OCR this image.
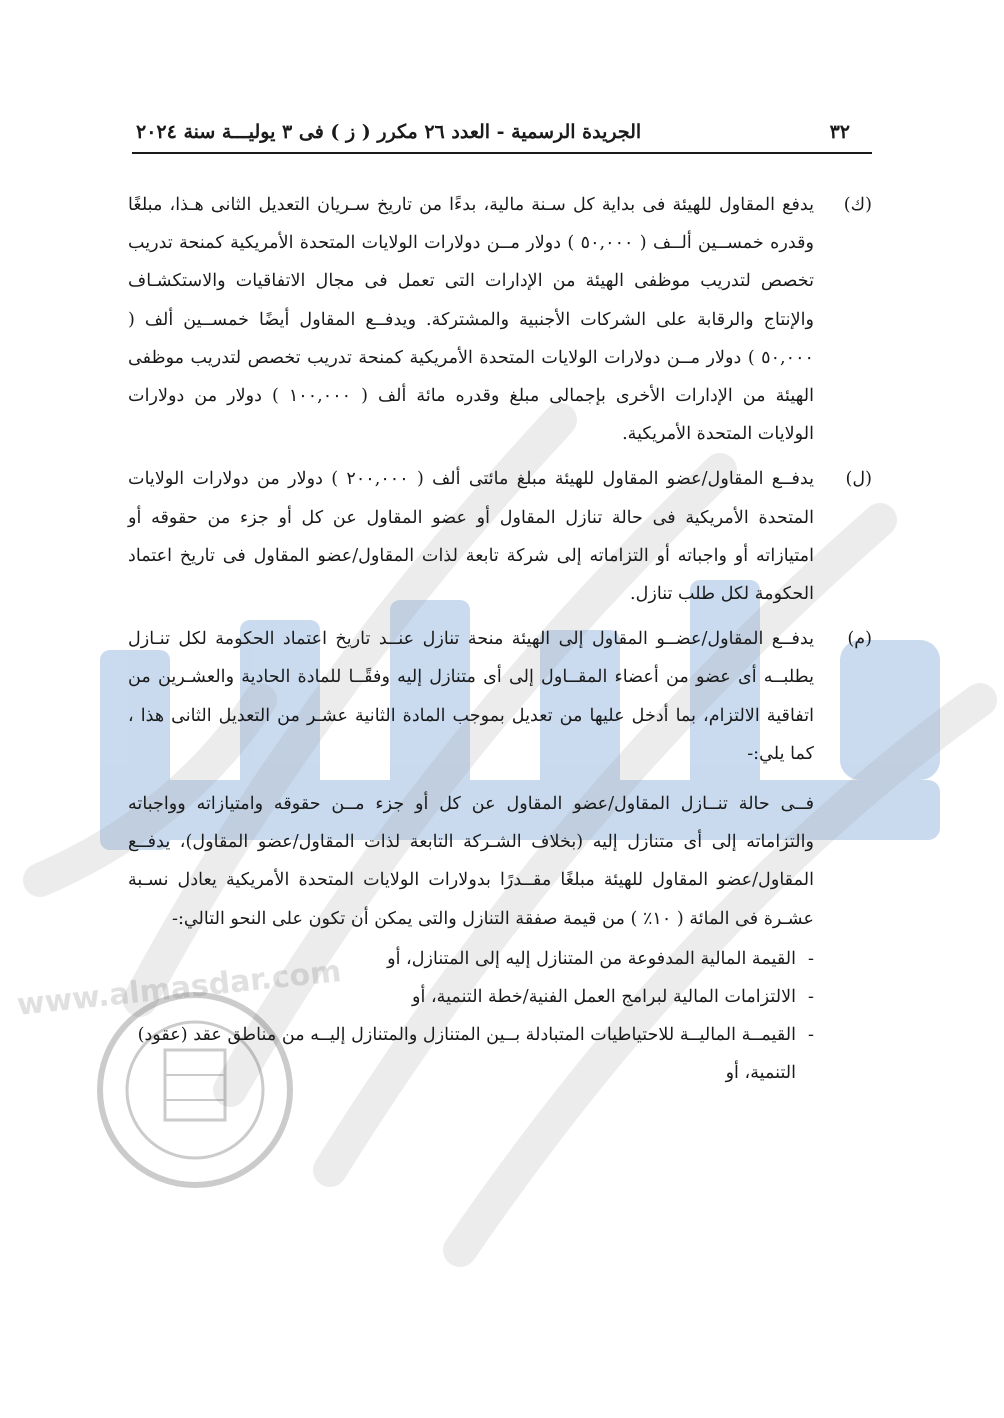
www.almasdar.com
٣٢
الجريدة الرسمية - العدد ٢٦ مكرر ( ز ) فى ٣ يوليـــة سنة ٢٠٢٤

(ك)
يدفع المقاول للهيئة فى بداية كل سـنة مالية، بدءًا من تاريخ سـريان التعديل الثانى هـذا، مبلغًا وقدره خمســين ألــف ( ٥٠,٠٠٠ ) دولار مــن دولارات الولايات المتحدة الأمريكية كمنحة تدريب تخصص لتدريب موظفى الهيئة من الإدارات التى تعمل فى مجال الاتفاقيات والاستكشـاف والإنتاج والرقابة على الشركات الأجنبية والمشتركة. ويدفــع المقاول أيضًا خمســين ألف ( ٥٠,٠٠٠ ) دولار مــن دولارات الولايات المتحدة الأمريكية كمنحة تدريب تخصص لتدريب موظفى الهيئة من الإدارات الأخرى بإجمالى مبلغ وقدره مائة ألف ( ١٠٠,٠٠٠ ) دولار من دولارات الولايات المتحدة الأمريكية.

(ل)
يدفــع المقاول/عضو المقاول للهيئة مبلغ مائتى ألف ( ٢٠٠,٠٠٠ ) دولار من دولارات الولايات المتحدة الأمريكية فى حالة تنازل المقاول أو عضو المقاول عن كل أو جزء من حقوقه أو امتيازاته أو واجباته أو التزاماته إلى شركة تابعة لذات المقاول/عضو المقاول فى تاريخ اعتماد الحكومة لكل طلب تنازل.

(م)
يدفــع المقاول/عضــو المقاول إلى الهيئة منحة تنازل عنــد تاريخ اعتماد الحكومة لكل تنـازل يطلبــه أى عضو من أعضاء المقــاول إلى أى متنازل إليه وفقًــا للمادة الحادية والعشـرين من اتفاقية الالتزام، بما أدخل عليها من تعديل بموجب المادة الثانية عشـر من التعديل الثانى هذا ، كما يلي:-

فــى حالة تنــازل المقاول/عضو المقاول عن كل أو جزء مــن حقوقه وامتيازاته وواجباته والتزاماته إلى أى متنازل إليه (بخلاف الشـركة التابعة لذات المقاول/عضو المقاول)، يدفــع المقاول/عضو المقاول للهيئة مبلغًا مقــدرًا بدولارات الولايات المتحدة الأمريكية يعادل نسـبة عشـرة فى المائة ( ١٠٪ ) من قيمة صفقة التنازل والتى يمكن أن تكون على النحو التالي:-

-
القيمة المالية المدفوعة من المتنازل إليه إلى المتنازل، أو
-
الالتزامات المالية لبرامج العمل الفنية/خطة التنمية، أو
-
القيمــة الماليــة للاحتياطيات المتبادلة بــين المتنازل والمتنازل إليــه من مناطق عقد (عقود) التنمية، أو
